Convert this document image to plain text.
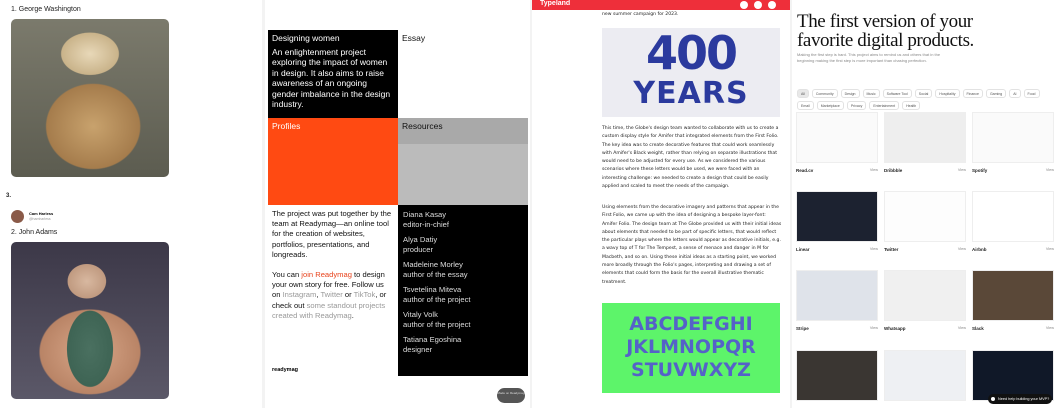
1. George Washington
3.
Cam Harless
@hamharless
2. John Adams
Designing women
An enlightenment project exploring the impact of women in design. It also aims to raise awareness of an ongoing gender imbalance in the design industry.
Essay
Profiles	Resources

The project was put together by the team at Readymag—an online tool for the creation of websites, portfolios, presentations, and longreads.

You can join Readymag to design your own story for free. Follow us on Instagram, Twitter or TikTok, or check out some standout projects created with Readymag.

readymag
Diana Kasay
editor-in-chief
Alya Datiy
producer
Madeleine Morley
author of the essay
Tsvetelina Miteva
author of the project
Vitaly Volk
author of the project
Tatiana Egoshina
designer
Made on Readymag
Typeland
new summer campaign for 2023.
400
YEARS

This time, the Globe's design team wanted to collaborate with us to create a custom display style for Amifer that integrated elements from the First Folio. The key idea was to create decorative features that could work seamlessly with Amifer's Black weight, rather than relying on separate illustrations that would need to be adjusted for every use. As we considered the various scenarios where these letters would be used, we were faced with an interesting challenge: we needed to create a design that could be easily applied and scaled to meet the needs of the campaign.

Using elements from the decorative imagery and patterns that appear in the First Folio, we came up with the idea of designing a bespoke layer-font: Amifer Folio. The design team at The Globe provided us with their initial ideas about elements that needed to be part of specific letters, that would reflect the particular plays where the letters would appear as decorative initials, e.g. a wavy top of T for The Tempest, a sense of menace and danger in M for Macbeth, and so on. Using these initial ideas as a starting point, we worked more broadly through the Folio's pages, interpreting and drawing a set of elements that could form the basis for the overall illustrative thematic treatment.

ABCDEFGHI
JKLMNOPQR
STUVWXYZ
The first version of your favorite digital products.
Making the first step is hard. This project aims to remind us and others that in the beginning making the first step is more important than chasing perfection.
All	Community	Design	Music	Software Tool	Social	Hospitality	Finance	Gaming	AI	Food
Email	Marketplace	Privacy	Entertainment	Health
Read.cv	View Dribbble	View Spotify	View
Linear	View Twitter	View Airbnb	View
Stripe	View Whatsapp	View Slack	View
Need help building your MVP?
